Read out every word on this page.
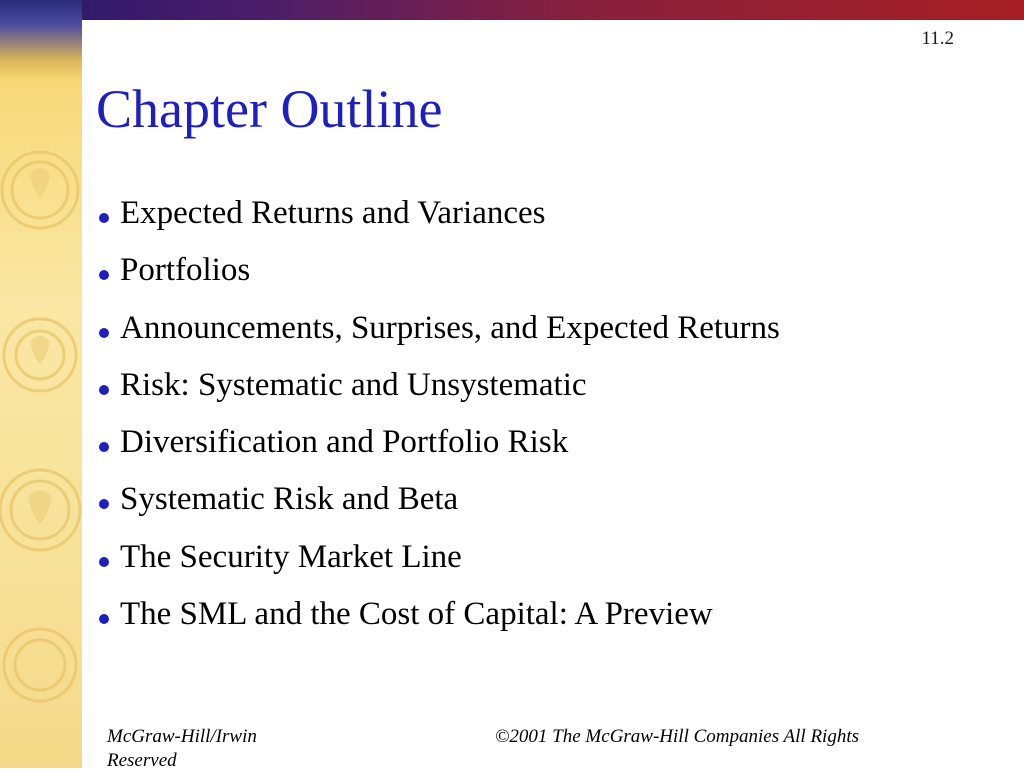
11.2
Chapter Outline
Expected Returns and Variances
Portfolios
Announcements, Surprises, and Expected Returns
Risk: Systematic and Unsystematic
Diversification and Portfolio Risk
Systematic Risk and Beta
The Security Market Line
The SML and the Cost of Capital: A Preview
McGraw-Hill/Irwin
Reserved
©2001 The McGraw-Hill Companies All Rights
